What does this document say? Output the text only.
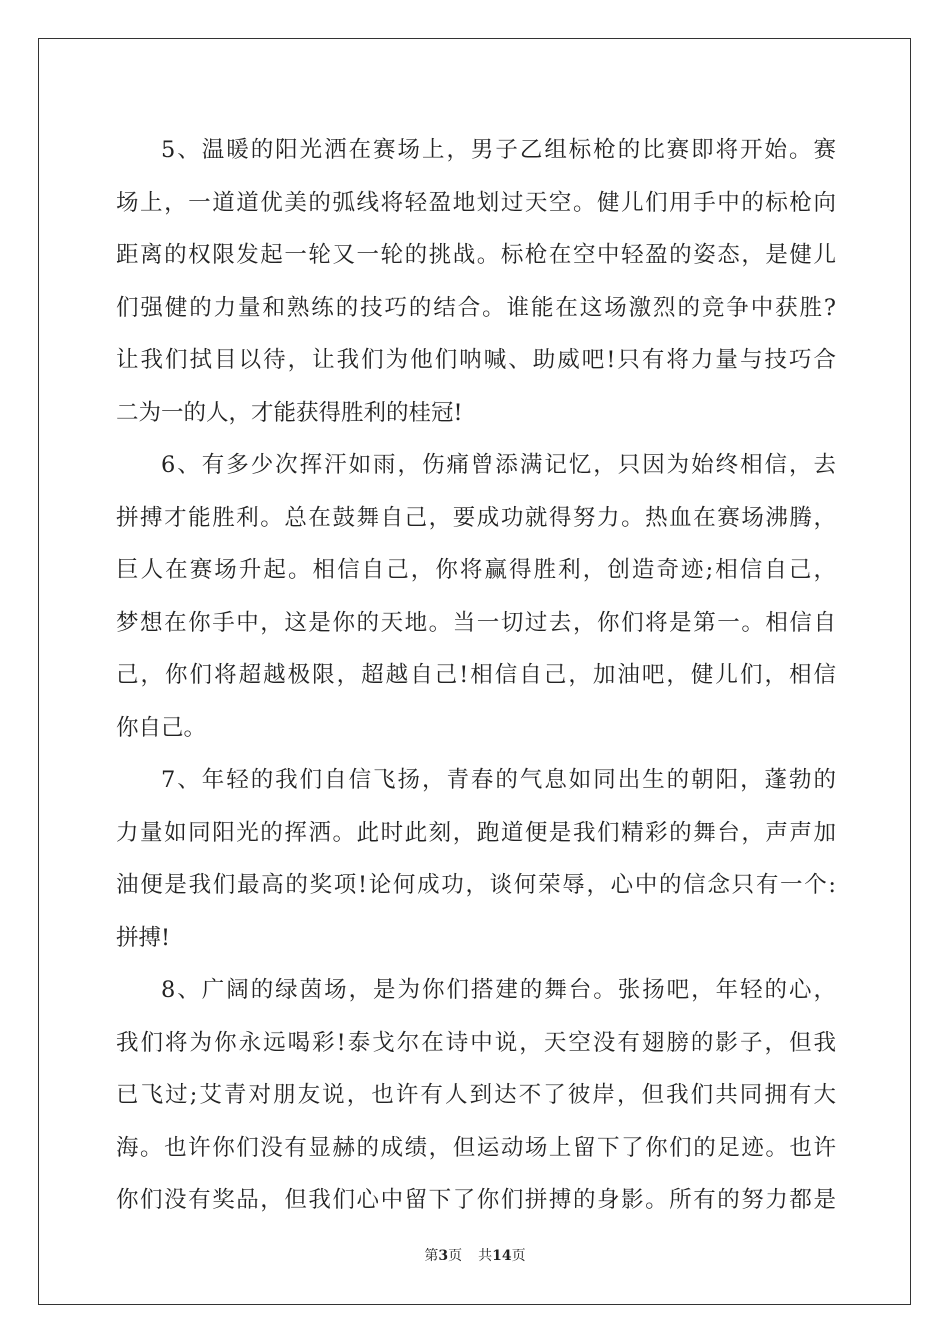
5、温暖的阳光洒在赛场上，男子乙组标枪的比赛即将开始。赛
场上，一道道优美的弧线将轻盈地划过天空。健儿们用手中的标枪向
距离的权限发起一轮又一轮的挑战。标枪在空中轻盈的姿态，是健儿
们强健的力量和熟练的技巧的结合。谁能在这场激烈的竞争中获胜?
让我们拭目以待，让我们为他们呐喊、助威吧!只有将力量与技巧合
二为一的人，才能获得胜利的桂冠!
6、有多少次挥汗如雨，伤痛曾添满记忆，只因为始终相信，去
拼搏才能胜利。总在鼓舞自己，要成功就得努力。热血在赛场沸腾，
巨人在赛场升起。相信自己，你将赢得胜利，创造奇迹;相信自己，
梦想在你手中，这是你的天地。当一切过去，你们将是第一。相信自
己，你们将超越极限，超越自己!相信自己，加油吧，健儿们，相信
你自己。
7、年轻的我们自信飞扬，青春的气息如同出生的朝阳，蓬勃的
力量如同阳光的挥洒。此时此刻，跑道便是我们精彩的舞台，声声加
油便是我们最高的奖项!论何成功，谈何荣辱，心中的信念只有一个:
拼搏!
8、广阔的绿茵场，是为你们搭建的舞台。张扬吧，年轻的心，
我们将为你永远喝彩!泰戈尔在诗中说，天空没有翅膀的影子，但我
已飞过;艾青对朋友说，也许有人到达不了彼岸，但我们共同拥有大
海。也许你们没有显赫的成绩，但运动场上留下了你们的足迹。也许
你们没有奖品，但我们心中留下了你们拼搏的身影。所有的努力都是
第3页 共14页
